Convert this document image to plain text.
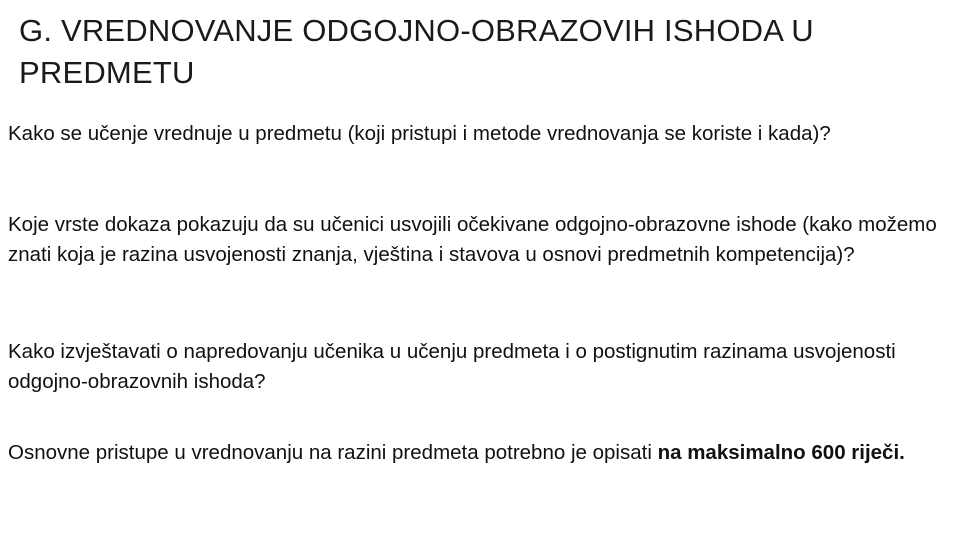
G. VREDNOVANJE ODGOJNO-OBRAZOVIH ISHODA U PREDMETU
Kako se učenje vrednuje u predmetu (koji pristupi i metode vrednovanja se koriste i kada)?
Koje vrste dokaza pokazuju da su učenici usvojili očekivane odgojno-obrazovne ishode (kako možemo znati koja je razina usvojenosti znanja, vještina i stavova u osnovi predmetnih kompetencija)?
Kako izvještavati o napredovanju učenika u učenju predmeta i o postignutim razinama usvojenosti odgojno-obrazovnih ishoda?
Osnovne pristupe u vrednovanju na razini predmeta potrebno je opisati na maksimalno 600 riječi.
